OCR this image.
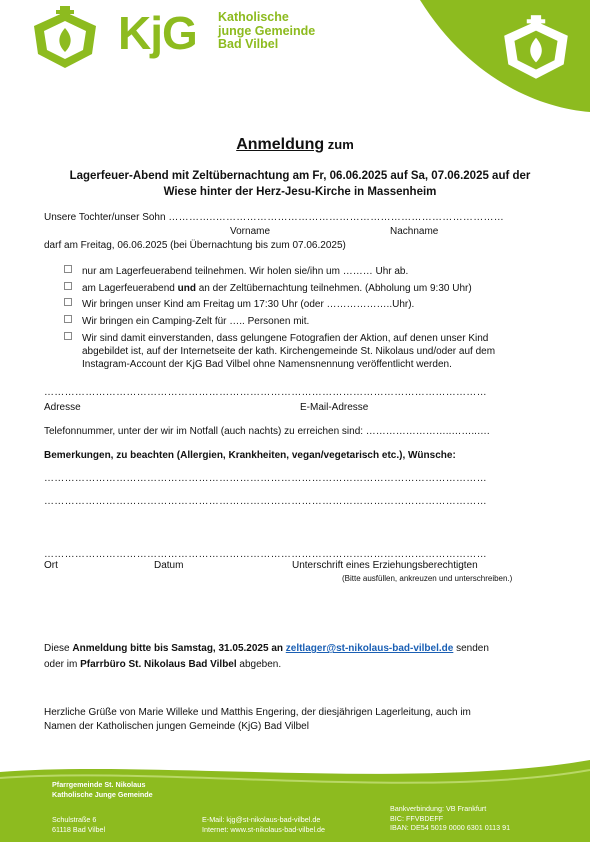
KjG Katholische
junge Gemeinde
Bad Vilbel
Anmeldung zum
Lagerfeuer-Abend mit Zeltübernachtung am Fr, 06.06.2025 auf Sa, 07.06.2025 auf der
Wiese hinter der Herz-Jesu-Kirche in Massenheim
Unsere Tochter/unser Sohn …………..…………………………………………………………………………
Vorname	Nachname
darf am Freitag, 06.06.2025 (bei Übernachtung bis zum 07.06.2025)
nur am Lagerfeuerabend teilnehmen. Wir holen sie/ihn um ……… Uhr ab.
am Lagerfeuerabend und an der Zeltübernachtung teilnehmen. (Abholung um 9:30 Uhr)
Wir bringen unser Kind am Freitag um 17:30 Uhr (oder ………………..Uhr).
Wir bringen ein Camping-Zelt für ….. Personen mit.
Wir sind damit einverstanden, dass gelungene Fotografien der Aktion, auf denen unser Kind
abgebildet ist, auf der Internetseite der kath. Kirchengemeinde St. Nikolaus und/oder auf dem
Instagram-Account der KjG Bad Vilbel ohne Namensnennung veröffentlicht werden.
…………………………………………………………………………………………………………………
Adresse	E-Mail-Adresse
Telefonnummer, unter der wir im Notfall (auch nachts) zu erreichen sind: ……………………..……..….
Bemerkungen, zu beachten (Allergien, Krankheiten, vegan/vegetarisch etc.), Wünsche:
…………………………………………………………………………………………………………………
…………………………………………………………………………………………………………………
…………………………………………………………………………………………………………………
Ort	Datum	Unterschrift eines Erziehungsberechtigten
(Bitte ausfüllen, ankreuzen und unterschreiben.)
Diese Anmeldung bitte bis Samstag, 31.05.2025 an zeltlager@st-nikolaus-bad-vilbel.de senden
oder im Pfarrbüro St. Nikolaus Bad Vilbel abgeben.
Herzliche Grüße von Marie Willeke und Matthis Engering, der diesjährigen Lagerleitung, auch im
Namen der Katholischen jungen Gemeinde (KjG) Bad Vilbel
Pfarrgemeinde St. Nikolaus
Katholische Junge Gemeinde
Schulstraße 6
61118 Bad Vilbel
E-Mail: kjg@st-nikolaus-bad-vilbel.de
Internet: www.st-nikolaus-bad-vilbel.de
Bankverbindung: VB Frankfurt
BIC: FFVBDEFF
IBAN: DE54 5019 0000 6301 0113 91
